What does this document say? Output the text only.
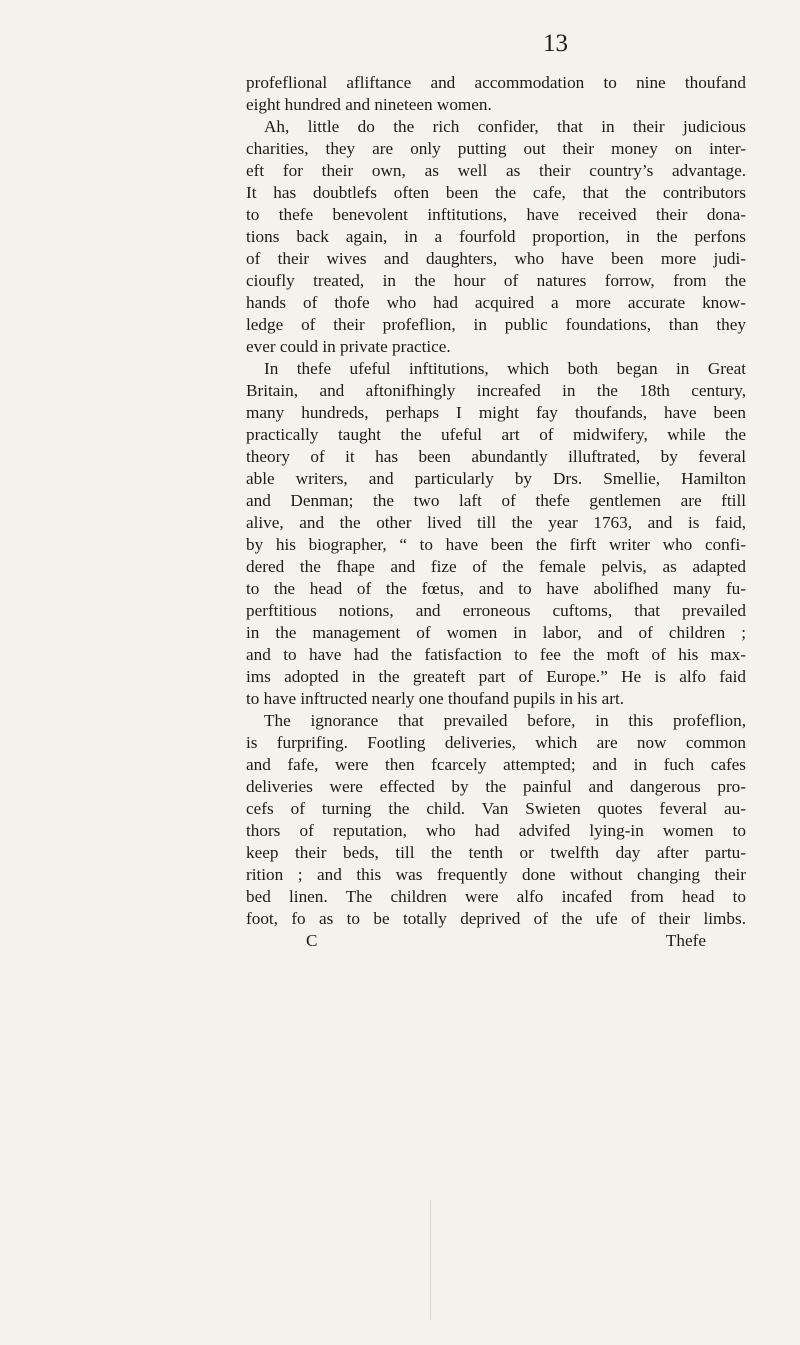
13
profeflional afliftance and accommodation to nine thoufand
eight hundred and nineteen women.
Ah, little do the rich confider, that in their judicious
charities, they are only putting out their money on inter-
eft for their own, as well as their country’s advantage.
It has doubtlefs often been the cafe, that the contributors
to thefe benevolent inftitutions, have received their dona-
tions back again, in a fourfold proportion, in the perfons
of their wives and daughters, who have been more judi-
cioufly treated, in the hour of natures forrow, from the
hands of thofe who had acquired a more accurate know-
ledge of their profeflion, in public foundations, than they
ever could in private practice.
In thefe ufeful inftitutions, which both began in Great
Britain, and aftonifhingly increafed in the 18th century,
many hundreds, perhaps I might fay thoufands, have been
practically taught the ufeful art of midwifery, while the
theory of it has been abundantly illuftrated, by feveral
able writers, and particularly by Drs. Smellie, Hamilton
and Denman; the two laft of thefe gentlemen are ftill
alive, and the other lived till the year 1763, and is faid,
by his biographer, “ to have been the firft writer who confi-
dered the fhape and fize of the female pelvis, as adapted
to the head of the fœtus, and to have abolifhed many fu-
perftitious notions, and erroneous cuftoms, that prevailed
in the management of women in labor, and of children ;
and to have had the fatisfaction to fee the moft of his max-
ims adopted in the greateft part of Europe.” He is alfo faid
to have inftructed nearly one thoufand pupils in his art.
The ignorance that prevailed before, in this profeflion,
is furprifing. Footling deliveries, which are now common
and fafe, were then fcarcely attempted; and in fuch cafes
deliveries were effected by the painful and dangerous pro-
cefs of turning the child. Van Swieten quotes feveral au-
thors of reputation, who had advifed lying-in women to
keep their beds, till the tenth or twelfth day after partu-
rition ; and this was frequently done without changing their
bed linen. The children were alfo incafed from head to
foot, fo as to be totally deprived of the ufe of their limbs.
C	Thefe
